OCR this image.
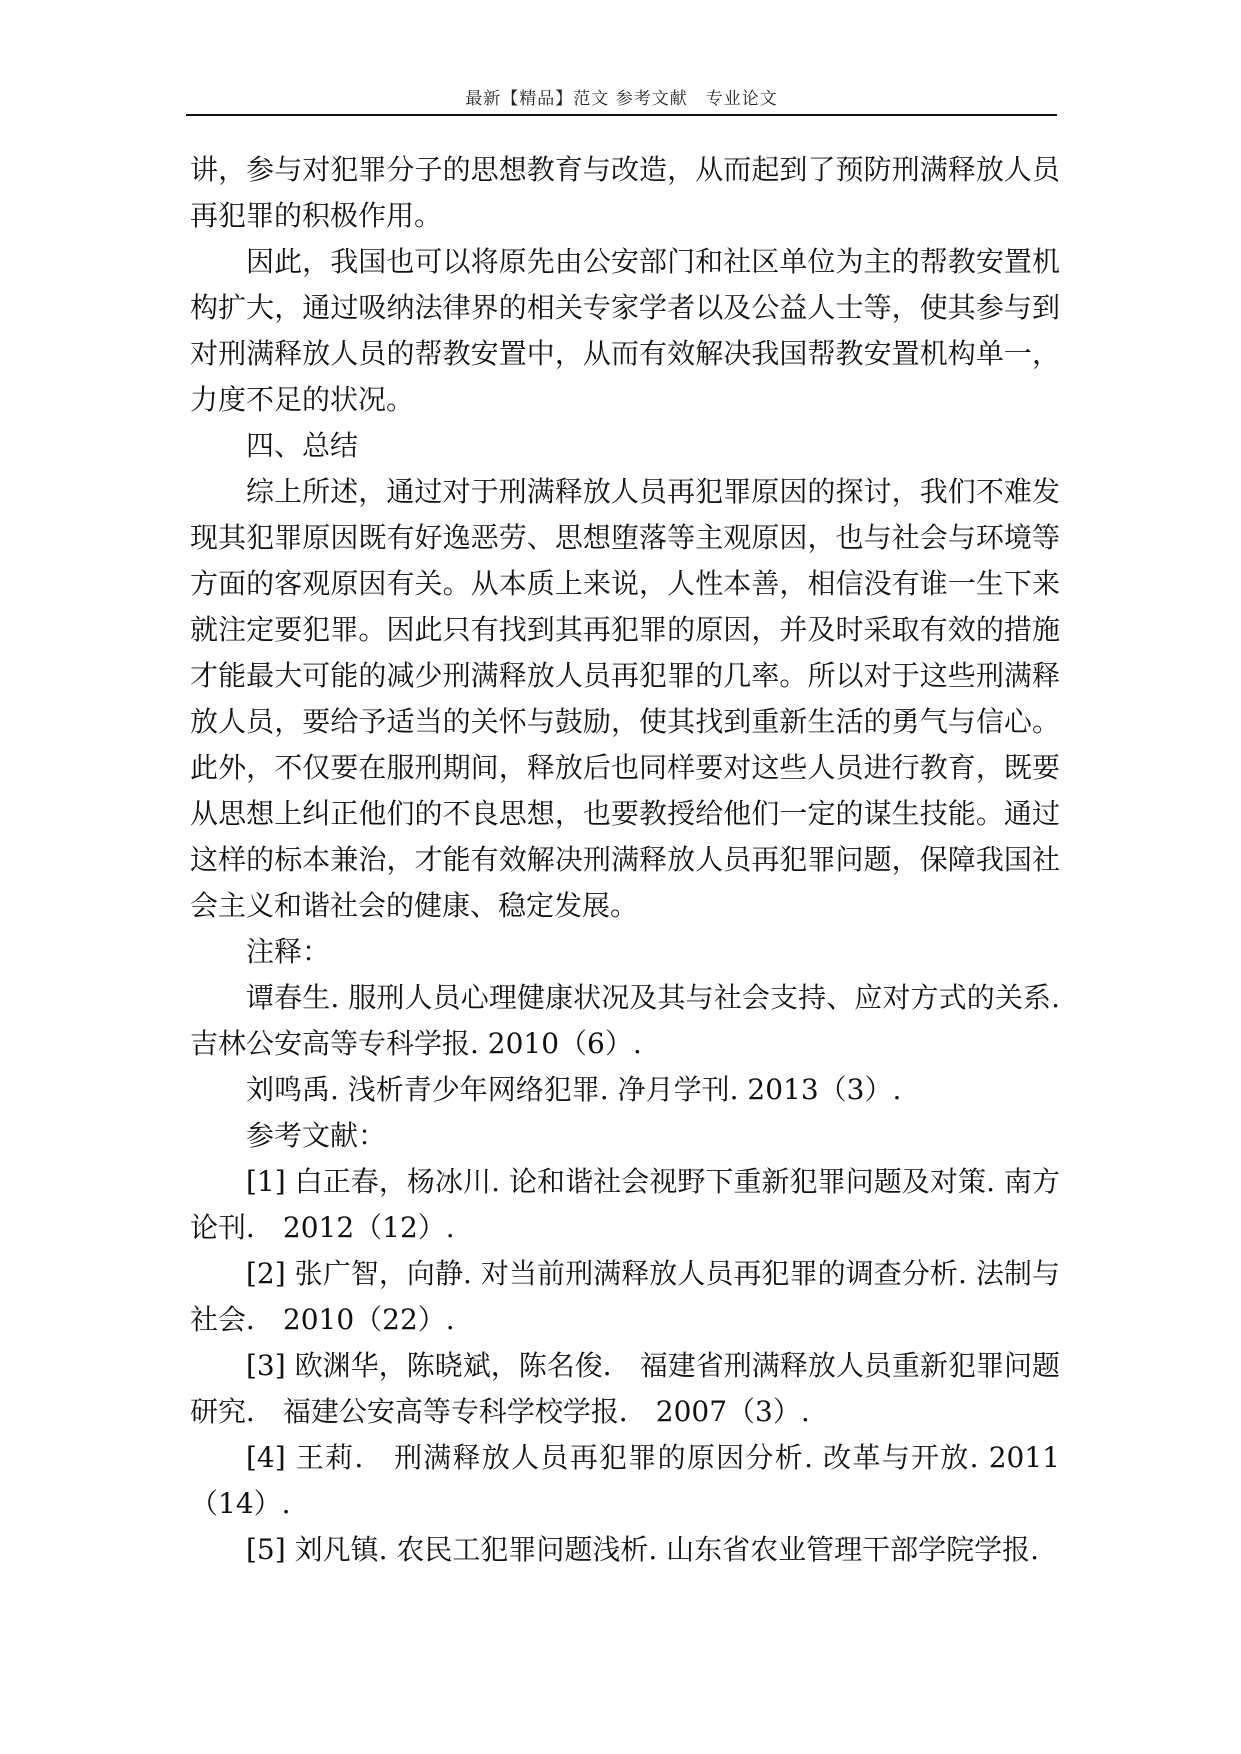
最新【精品】范文 参考文献　专业论文

讲，参与对犯罪分子的思想教育与改造，从而起到了预防刑满释放人员再犯罪的积极作用。

因此，我国也可以将原先由公安部门和社区单位为主的帮教安置机构扩大，通过吸纳法律界的相关专家学者以及公益人士等，使其参与到对刑满释放人员的帮教安置中，从而有效解决我国帮教安置机构单一，力度不足的状况。

四、总结

综上所述，通过对于刑满释放人员再犯罪原因的探讨，我们不难发现其犯罪原因既有好逸恶劳、思想堕落等主观原因，也与社会与环境等方面的客观原因有关。从本质上来说，人性本善，相信没有谁一生下来就注定要犯罪。因此只有找到其再犯罪的原因，并及时采取有效的措施才能最大可能的减少刑满释放人员再犯罪的几率。所以对于这些刑满释放人员，要给予适当的关怀与鼓励，使其找到重新生活的勇气与信心。此外，不仅要在服刑期间，释放后也同样要对这些人员进行教育，既要从思想上纠正他们的不良思想，也要教授给他们一定的谋生技能。通过这样的标本兼治，才能有效解决刑满释放人员再犯罪问题，保障我国社会主义和谐社会的健康、稳定发展。

注释：

谭春生. 服刑人员心理健康状况及其与社会支持、应对方式的关系. 吉林公安高等专科学报. 2010（6）.

刘鸣禹. 浅析青少年网络犯罪. 净月学刊. 2013（3）.

参考文献：

[1] 白正春，杨冰川. 论和谐社会视野下重新犯罪问题及对策. 南方论刊． 2012（12）.

[2] 张广智，向静. 对当前刑满释放人员再犯罪的调查分析. 法制与社会． 2010（22）.

[3] 欧渊华，陈晓斌，陈名俊． 福建省刑满释放人员重新犯罪问题研究． 福建公安高等专科学校学报． 2007（3）.

[4] 王莉． 刑满释放人员再犯罪的原因分析. 改革与开放. 2011（14）.

[5] 刘凡镇. 农民工犯罪问题浅析. 山东省农业管理干部学院学报.
